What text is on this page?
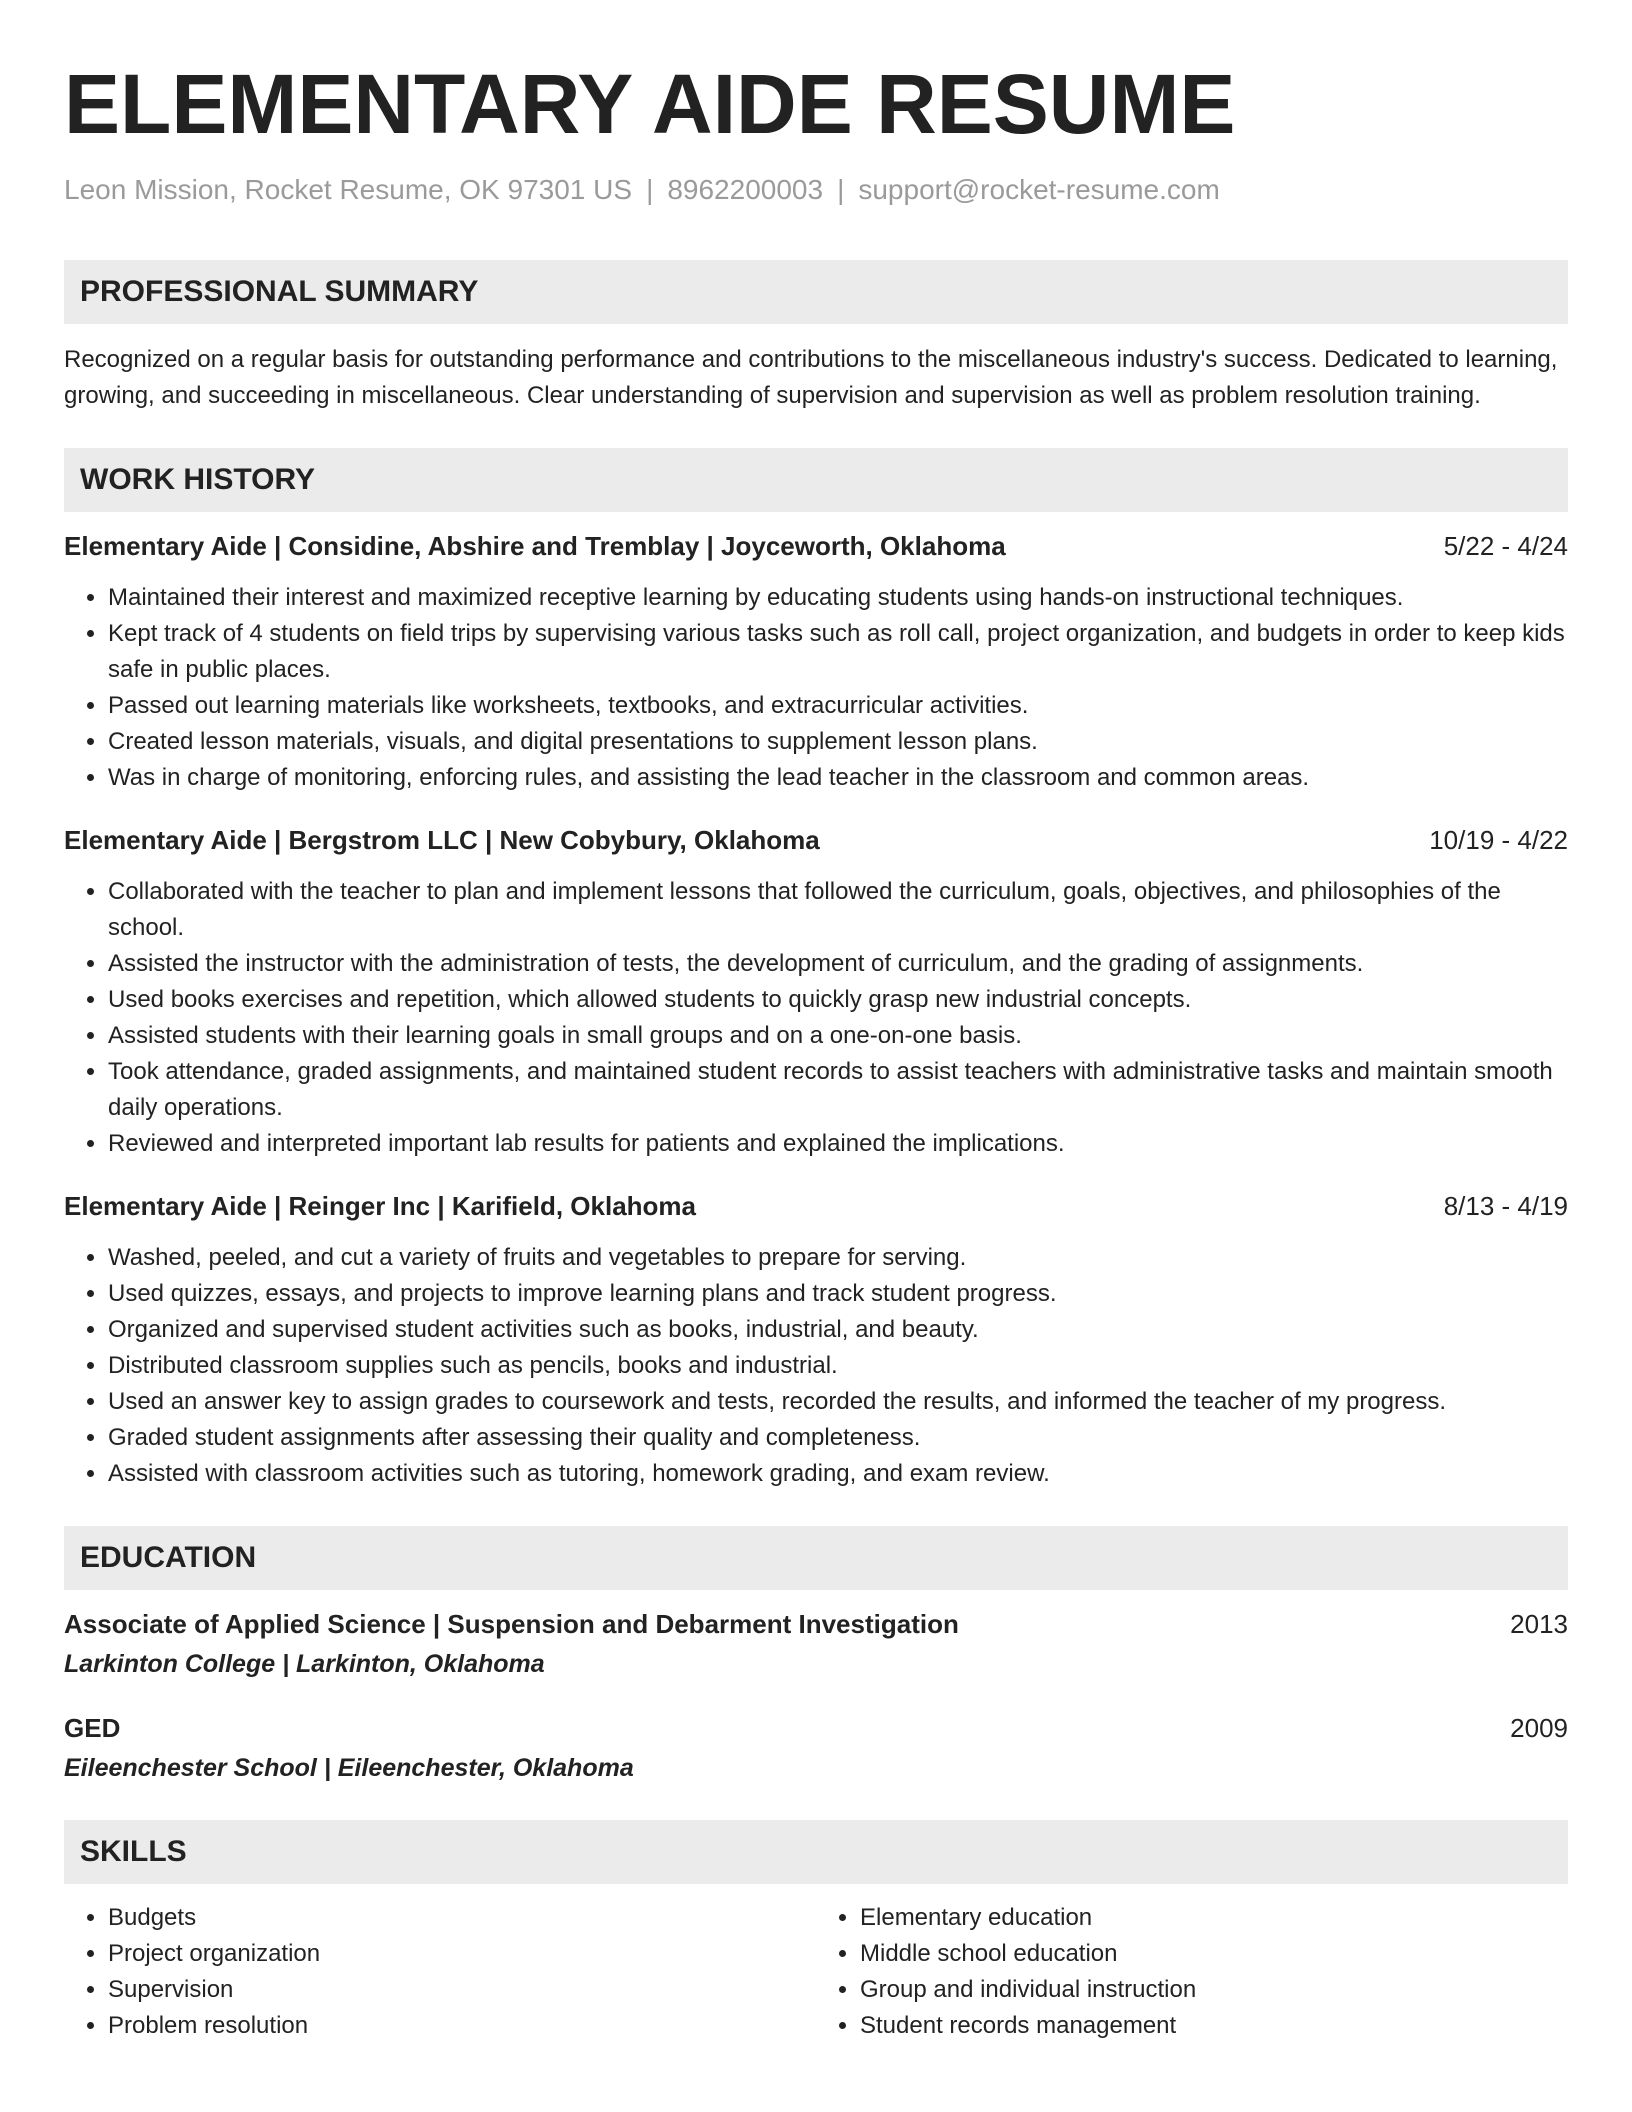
ELEMENTARY AIDE RESUME
Leon Mission, Rocket Resume, OK 97301 US | 8962200003 | support@rocket-resume.com
PROFESSIONAL SUMMARY
Recognized on a regular basis for outstanding performance and contributions to the miscellaneous industry's success. Dedicated to learning, growing, and succeeding in miscellaneous. Clear understanding of supervision and supervision as well as problem resolution training.
WORK HISTORY
Elementary Aide | Considine, Abshire and Tremblay | Joyceworth, Oklahoma	5/22 - 4/24
• Maintained their interest and maximized receptive learning by educating students using hands-on instructional techniques.
• Kept track of 4 students on field trips by supervising various tasks such as roll call, project organization, and budgets in order to keep kids safe in public places.
• Passed out learning materials like worksheets, textbooks, and extracurricular activities.
• Created lesson materials, visuals, and digital presentations to supplement lesson plans.
• Was in charge of monitoring, enforcing rules, and assisting the lead teacher in the classroom and common areas.
Elementary Aide | Bergstrom LLC | New Cobybury, Oklahoma	10/19 - 4/22
• Collaborated with the teacher to plan and implement lessons that followed the curriculum, goals, objectives, and philosophies of the school.
• Assisted the instructor with the administration of tests, the development of curriculum, and the grading of assignments.
• Used books exercises and repetition, which allowed students to quickly grasp new industrial concepts.
• Assisted students with their learning goals in small groups and on a one-on-one basis.
• Took attendance, graded assignments, and maintained student records to assist teachers with administrative tasks and maintain smooth daily operations.
• Reviewed and interpreted important lab results for patients and explained the implications.
Elementary Aide | Reinger Inc | Karifield, Oklahoma	8/13 - 4/19
• Washed, peeled, and cut a variety of fruits and vegetables to prepare for serving.
• Used quizzes, essays, and projects to improve learning plans and track student progress.
• Organized and supervised student activities such as books, industrial, and beauty.
• Distributed classroom supplies such as pencils, books and industrial.
• Used an answer key to assign grades to coursework and tests, recorded the results, and informed the teacher of my progress.
• Graded student assignments after assessing their quality and completeness.
• Assisted with classroom activities such as tutoring, homework grading, and exam review.
EDUCATION
Associate of Applied Science | Suspension and Debarment Investigation	2013
Larkinton College | Larkinton, Oklahoma
GED	2009
Eileenchester School | Eileenchester, Oklahoma
SKILLS
• Budgets
• Project organization
• Supervision
• Problem resolution
• Elementary education
• Middle school education
• Group and individual instruction
• Student records management
